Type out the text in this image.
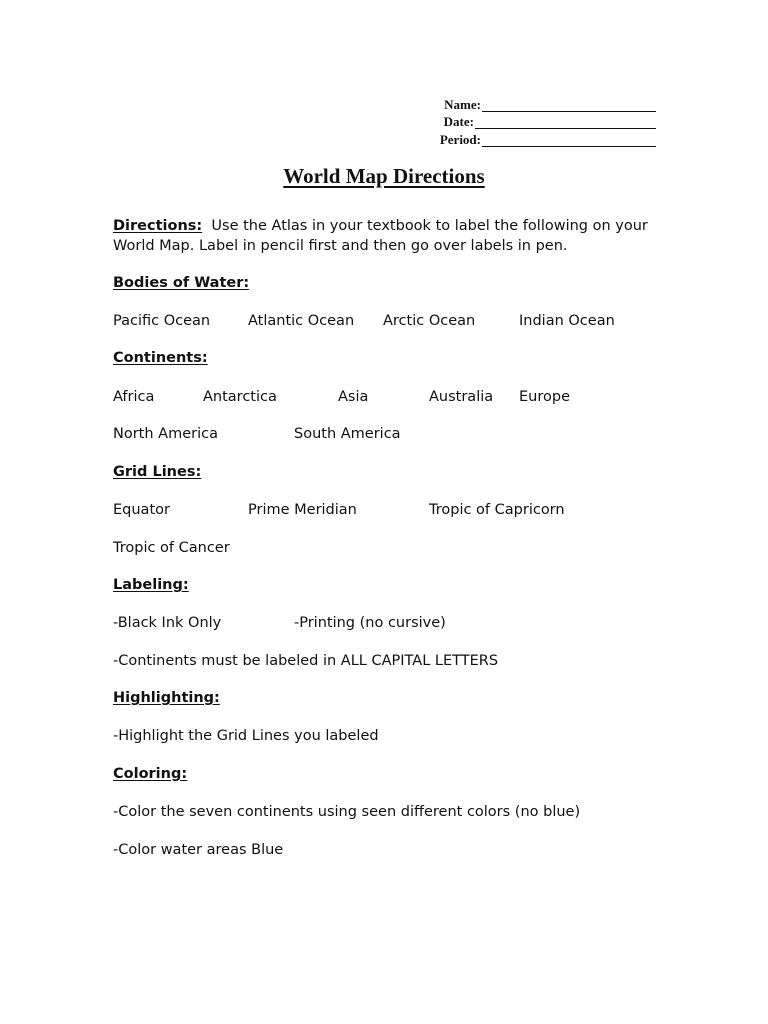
Name:
Date:
Period:
World Map Directions

Directions: Use the Atlas in your textbook to label the following on your World Map. Label in pencil first and then go over labels in pen.

Bodies of Water:
Pacific Ocean	Atlantic Ocean Arctic Ocean	Indian Ocean
Continents:
Africa	Antarctica	Asia	Australia Europe
North America	South America
Grid Lines:
Equator	Prime Meridian	Tropic of Capricorn
Tropic of Cancer
Labeling:
-Black Ink Only	-Printing (no cursive)
-Continents must be labeled in ALL CAPITAL LETTERS
Highlighting:
-Highlight the Grid Lines you labeled
Coloring:
-Color the seven continents using seen different colors (no blue)
-Color water areas Blue
